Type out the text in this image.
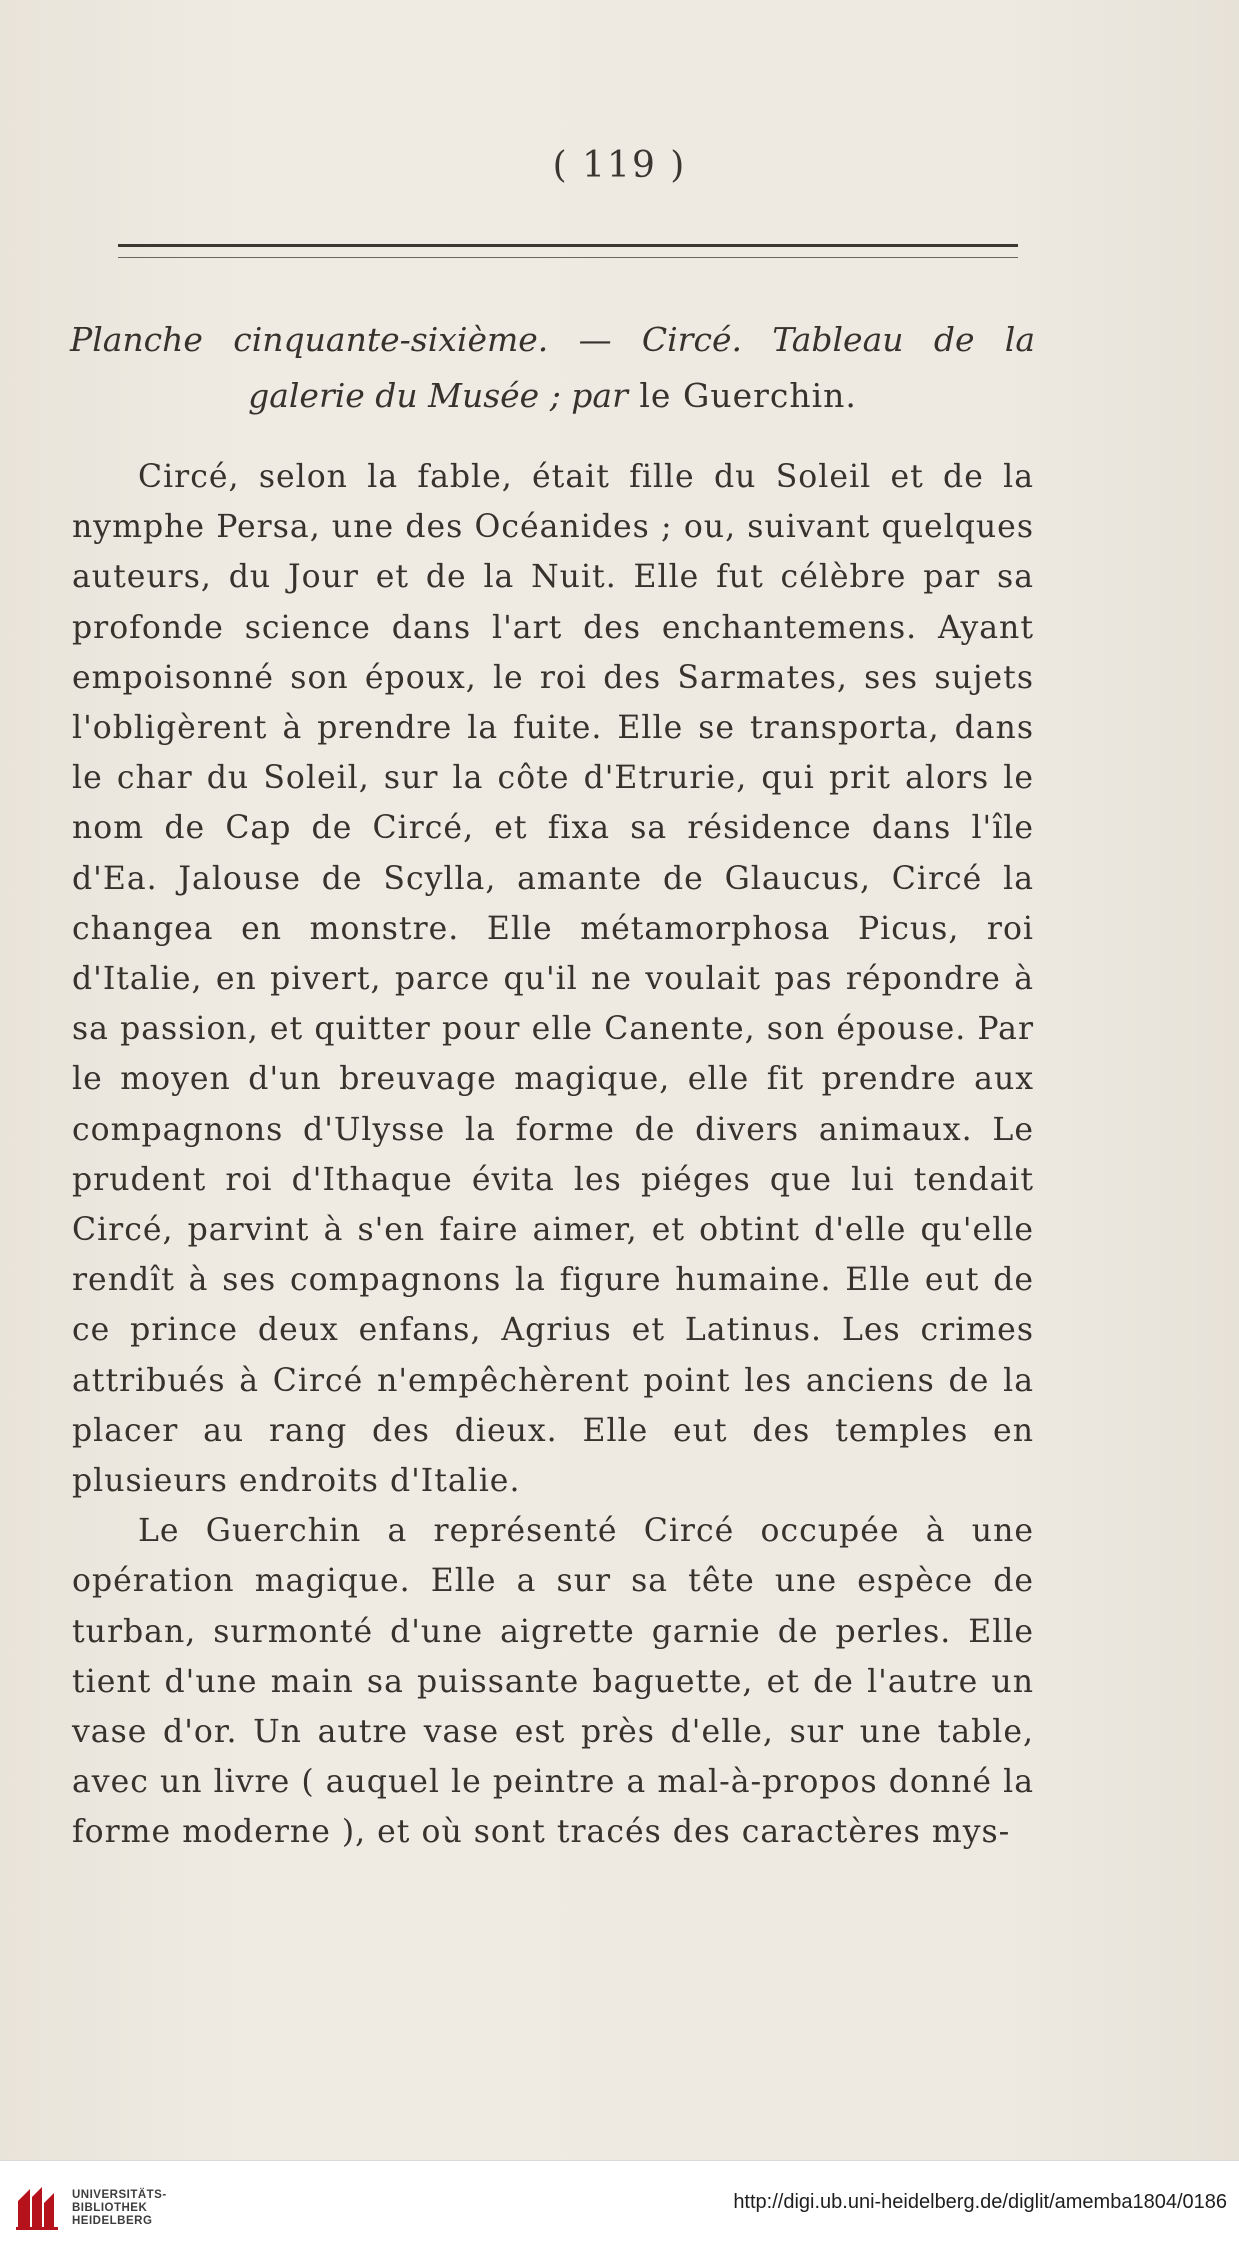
( 119 )
Planche cinquante-sixième. — Circé. Tableau de la
galerie du Musée ; par le Guerchin.

Circé, selon la fable, était fille du Soleil et de la nymphe Persa, une des Océanides ; ou, suivant quelques auteurs, du Jour et de la Nuit. Elle fut célèbre par sa profonde science dans l'art des enchantemens. Ayant empoisonné son époux, le roi des Sarmates, ses sujets l'obligèrent à prendre la fuite. Elle se transporta, dans le char du Soleil, sur la côte d'Etrurie, qui prit alors le nom de Cap de Circé, et fixa sa résidence dans l'île d'Ea. Jalouse de Scylla, amante de Glaucus, Circé la changea en monstre. Elle métamorphosa Picus, roi d'Italie, en pivert, parce qu'il ne voulait pas répondre à sa passion, et quitter pour elle Canente, son épouse. Par le moyen d'un breuvage magique, elle fit prendre aux compagnons d'Ulysse la forme de divers animaux. Le prudent roi d'Ithaque évita les piéges que lui tendait Circé, parvint à s'en faire aimer, et obtint d'elle qu'elle rendît à ses compagnons la figure humaine. Elle eut de ce prince deux enfans, Agrius et Latinus. Les crimes attribués à Circé n'empêchèrent point les anciens de la placer au rang des dieux. Elle eut des temples en plusieurs endroits d'Italie.

Le Guerchin a représenté Circé occupée à une opération magique. Elle a sur sa tête une espèce de turban, surmonté d'une aigrette garnie de perles. Elle tient d'une main sa puissante baguette, et de l'autre un vase d'or. Un autre vase est près d'elle, sur une table, avec un livre ( auquel le peintre a mal-à-propos donné la forme moderne ), et où sont tracés des caractères mys-

UNIVERSITÄTS-
BIBLIOTHEK
HEIDELBERG
http://digi.ub.uni-heidelberg.de/diglit/amemba1804/0186
